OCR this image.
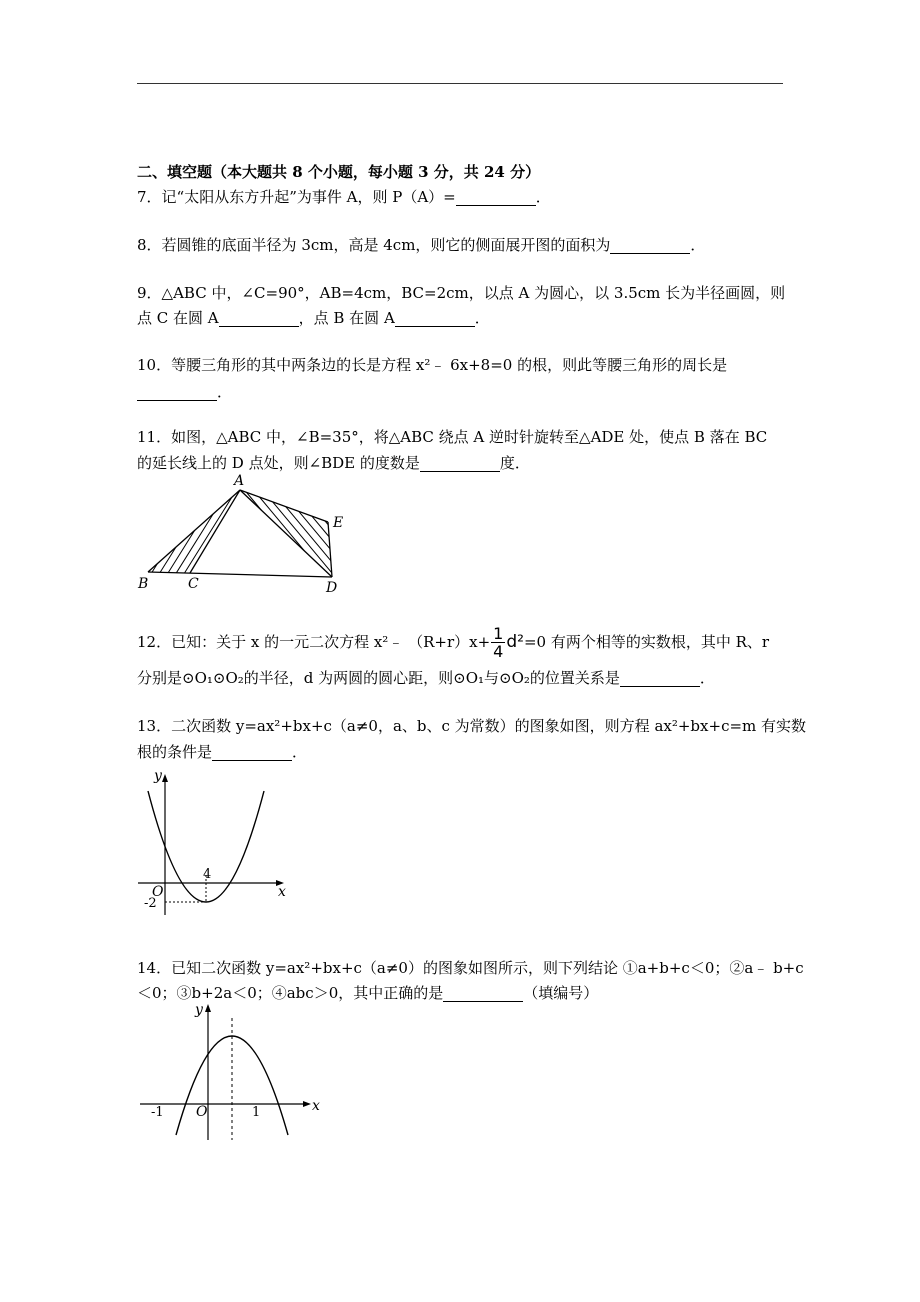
二、填空题（本大题共 8 个小题，每小题 3 分，共 24 分）
7．记“太阳从东方升起”为事件 A，则 P（A）=	．
8．若圆锥的底面半径为 3cm，高是 4cm，则它的侧面展开图的面积为	．
9．△ABC 中，∠C=90°，AB=4cm，BC=2cm，以点 A 为圆心，以 3.5cm 长为半径画圆，则
点 C 在圆 A	，点 B 在圆 A	．
10．等腰三角形的其中两条边的长是方程 x²﹣ 6x+8=0 的根，则此等腰三角形的周长是
．
11．如图，△ABC 中，∠B=35°，将△ABC 绕点 A 逆时针旋转至△ADE 处，使点 B 落在 BC
的延长线上的 D 点处，则∠BDE 的度数是	度．
A
E
B	C	D
12．已知：关于 x 的一元二次方程 x²﹣ $(R+r)x+ \frac{1}{4} d^2 =0$ 有两个相等的实数根，其中 R、r
分别是⊙O₁⊙O₂的半径，d 为两圆的圆心距，则⊙O₁与⊙O₂的位置关系是	．
13．二次函数 y=ax²+bx+c（a≠0，a、b、c 为常数）的图象如图，则方程 ax²+bx+c=m 有实数
根的条件是	．
y
x
O
4
-2
14．已知二次函数 y=ax²+bx+c（a≠0）的图象如图所示，则下列结论 ①a+b+c＜0；②a﹣ b+c
＜0；③b+2a＜0；④abc＞0，其中正确的是	（填编号）
y
x
-1 O	1
